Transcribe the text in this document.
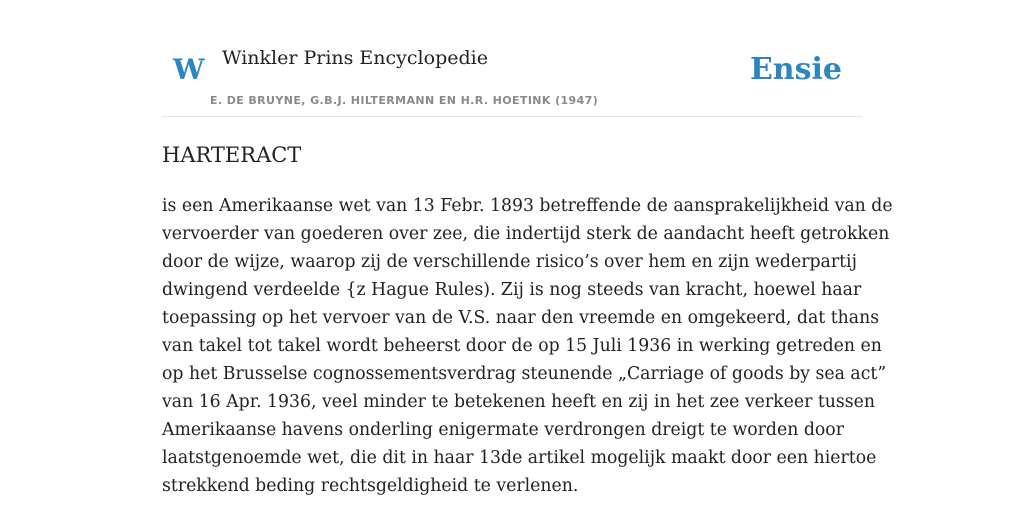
W Winkler Prins Encyclopedie	Ensie
E. DE BRUYNE, G.B.J. HILTERMANN EN H.R. HOETINK (1947)
HARTERACT
is een Amerikaanse wet van 13 Febr. 1893 betreffende de aansprakelijkheid van de
vervoerder van goederen over zee, die indertijd sterk de aandacht heeft getrokken
door de wijze, waarop zij de verschillende risico’s over hem en zijn wederpartij
dwingend verdeelde {z Hague Rules). Zij is nog steeds van kracht, hoewel haar
toepassing op het vervoer van de V.S. naar den vreemde en omgekeerd, dat thans
van takel tot takel wordt beheerst door de op 15 Juli 1936 in werking getreden en
op het Brusselse cognossementsverdrag steunende „Carriage of goods by sea act”
van 16 Apr. 1936, veel minder te betekenen heeft en zij in het zee verkeer tussen
Amerikaanse havens onderling enigermate verdrongen dreigt te worden door
laatstgenoemde wet, die dit in haar 13de artikel mogelijk maakt door een hiertoe
strekkend beding rechtsgeldigheid te verlenen.
